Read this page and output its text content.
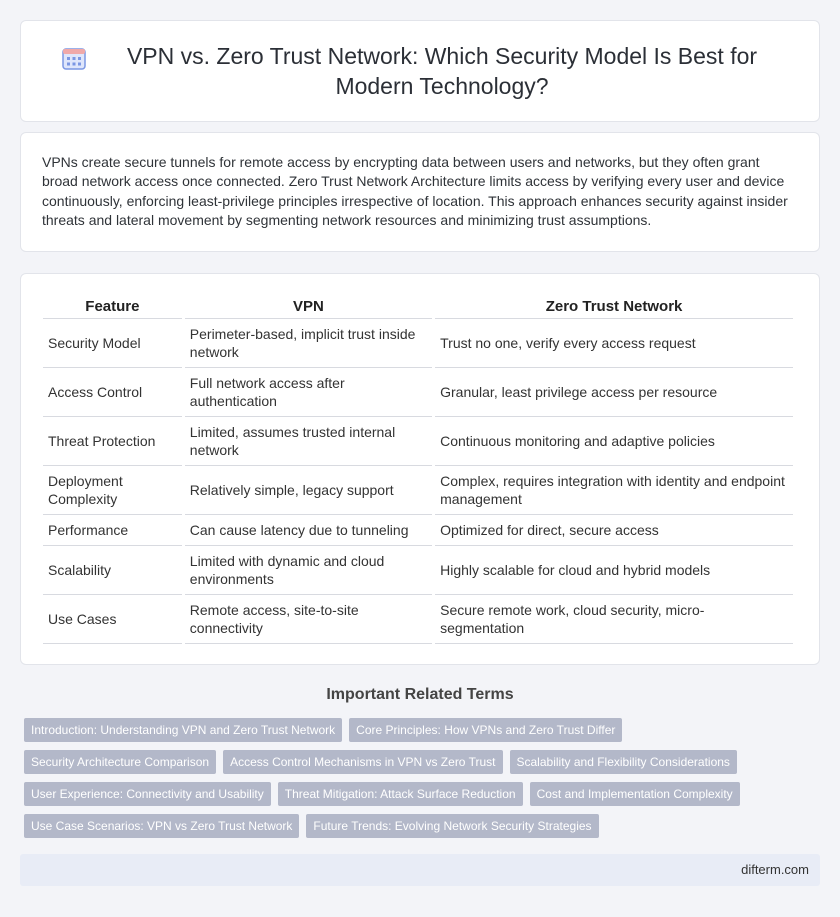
VPN vs. Zero Trust Network: Which Security Model Is Best for Modern Technology?

VPNs create secure tunnels for remote access by encrypting data between users and networks, but they often grant broad network access once connected. Zero Trust Network Architecture limits access by verifying every user and device continuously, enforcing least-privilege principles irrespective of location. This approach enhances security against insider threats and lateral movement by segmenting network resources and minimizing trust assumptions.

Feature	VPN	Zero Trust Network
Security Model	Perimeter-based, implicit trust inside network	Trust no one, verify every access request
Access Control	Full network access after authentication	Granular, least privilege access per resource
Threat Protection	Limited, assumes trusted internal network	Continuous monitoring and adaptive policies
Deployment Complexity	Relatively simple, legacy support	Complex, requires integration with identity and endpoint management
Performance	Can cause latency due to tunneling	Optimized for direct, secure access
Scalability	Limited with dynamic and cloud environments	Highly scalable for cloud and hybrid models
Use Cases	Remote access, site-to-site connectivity	Secure remote work, cloud security, micro-segmentation
Important Related Terms
Introduction: Understanding VPN and Zero Trust Network	Core Principles: How VPNs and Zero Trust Differ
Security Architecture Comparison	Access Control Mechanisms in VPN vs Zero Trust	Scalability and Flexibility Considerations
User Experience: Connectivity and Usability	Threat Mitigation: Attack Surface Reduction	Cost and Implementation Complexity
Use Case Scenarios: VPN vs Zero Trust Network	Future Trends: Evolving Network Security Strategies
difterm.com
